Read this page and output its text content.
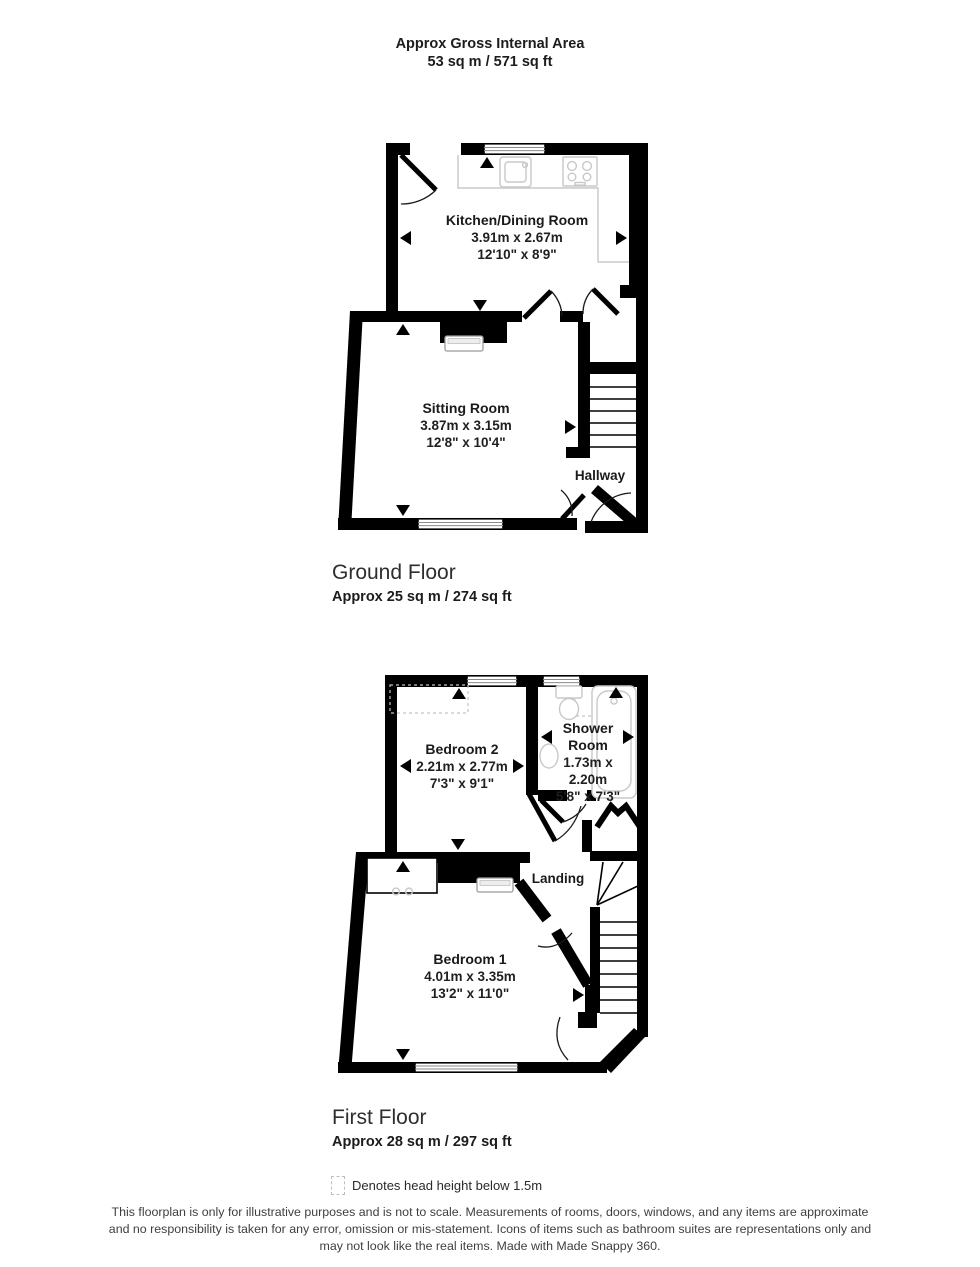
Approx Gross Internal Area
53 sq m / 571 sq ft
Kitchen/Dining Room
3.91m x 2.67m
12'10" x 8'9"
Sitting Room
3.87m x 3.15m
12'8" x 10'4"
Hallway
Ground Floor
Approx 25 sq m / 274 sq ft
Bedroom 2
2.21m x 2.77m
7'3" x 9'1"
Shower Room
1.73m x 2.20m
5'8" x 7'3"
Landing
Bedroom 1
4.01m x 3.35m
13'2" x 11'0"
First Floor
Approx 28 sq m / 297 sq ft
Denotes head height below 1.5m
This floorplan is only for illustrative purposes and is not to scale. Measurements of rooms, doors, windows, and any items are approximate
and no responsibility is taken for any error, omission or mis-statement. Icons of items such as bathroom suites are representations only and
may not look like the real items. Made with Made Snappy 360.
